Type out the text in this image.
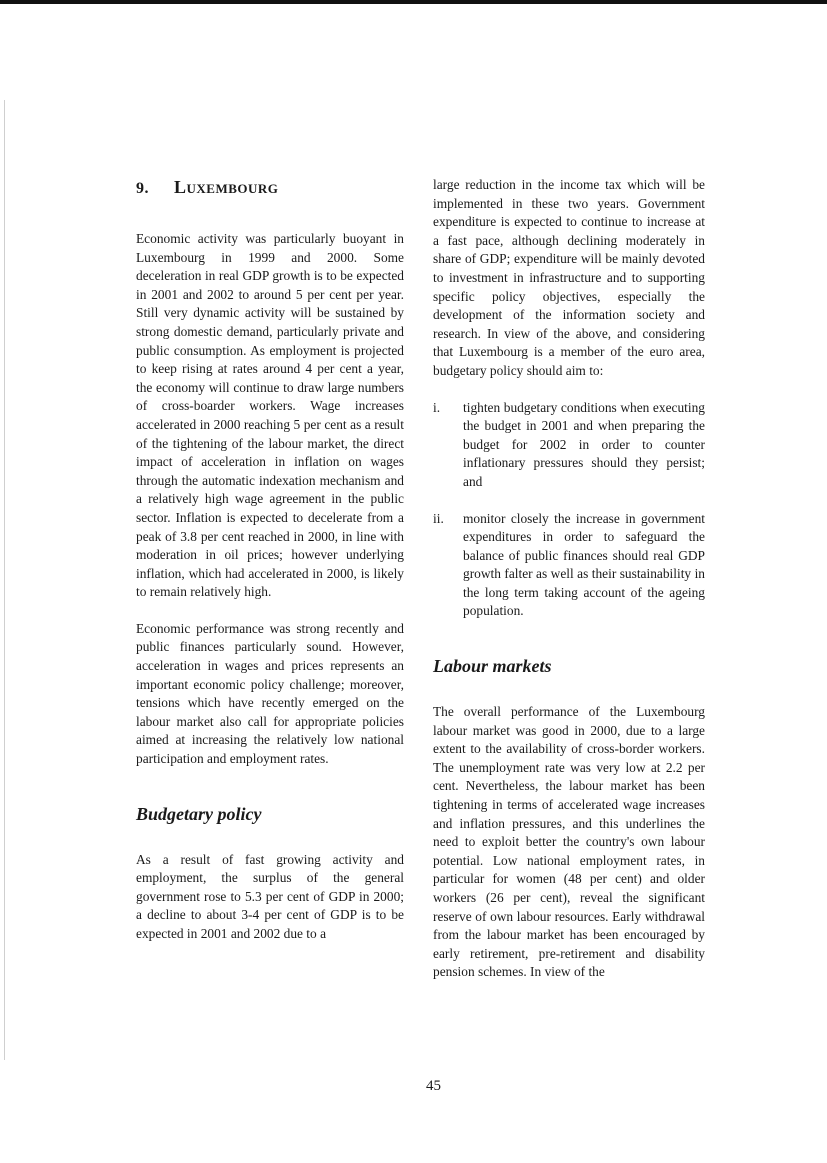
9. Luxembourg

Economic activity was particularly buoyant in Luxembourg in 1999 and 2000. Some deceleration in real GDP growth is to be expected in 2001 and 2002 to around 5 per cent per year. Still very dynamic activity will be sustained by strong domestic demand, particularly private and public consumption. As employment is projected to keep rising at rates around 4 per cent a year, the economy will continue to draw large numbers of cross-boarder workers. Wage increases accelerated in 2000 reaching 5 per cent as a result of the tightening of the labour market, the direct impact of acceleration in inflation on wages through the automatic indexation mechanism and a relatively high wage agreement in the public sector. Inflation is expected to decelerate from a peak of 3.8 per cent reached in 2000, in line with moderation in oil prices; however underlying inflation, which had accelerated in 2000, is likely to remain relatively high.

Economic performance was strong recently and public finances particularly sound. However, acceleration in wages and prices represents an important economic policy challenge; moreover, tensions which have recently emerged on the labour market also call for appropriate policies aimed at increasing the relatively low national participation and employment rates.

Budgetary policy

As a result of fast growing activity and employment, the surplus of the general government rose to 5.3 per cent of GDP in 2000; a decline to about 3-4 per cent of GDP is to be expected in 2001 and 2002 due to a

large reduction in the income tax which will be implemented in these two years. Government expenditure is expected to continue to increase at a fast pace, although declining moderately in share of GDP; expenditure will be mainly devoted to investment in infrastructure and to supporting specific policy objectives, especially the development of the information society and research. In view of the above, and considering that Luxembourg is a member of the euro area, budgetary policy should aim to:

i.	tighten budgetary conditions when executing the budget in 2001 and when preparing the budget for 2002 in order to counter inflationary pressures should they persist; and
ii.	monitor closely the increase in government expenditures in order to safeguard the balance of public finances should real GDP growth falter as well as their sustainability in the long term taking account of the ageing population.
Labour markets

The overall performance of the Luxembourg labour market was good in 2000, due to a large extent to the availability of cross-border workers. The unemployment rate was very low at 2.2 per cent. Nevertheless, the labour market has been tightening in terms of accelerated wage increases and inflation pressures, and this underlines the need to exploit better the country's own labour potential. Low national employment rates, in particular for women (48 per cent) and older workers (26 per cent), reveal the significant reserve of own labour resources. Early withdrawal from the labour market has been encouraged by early retirement, pre-retirement and disability pension schemes. In view of the

45
